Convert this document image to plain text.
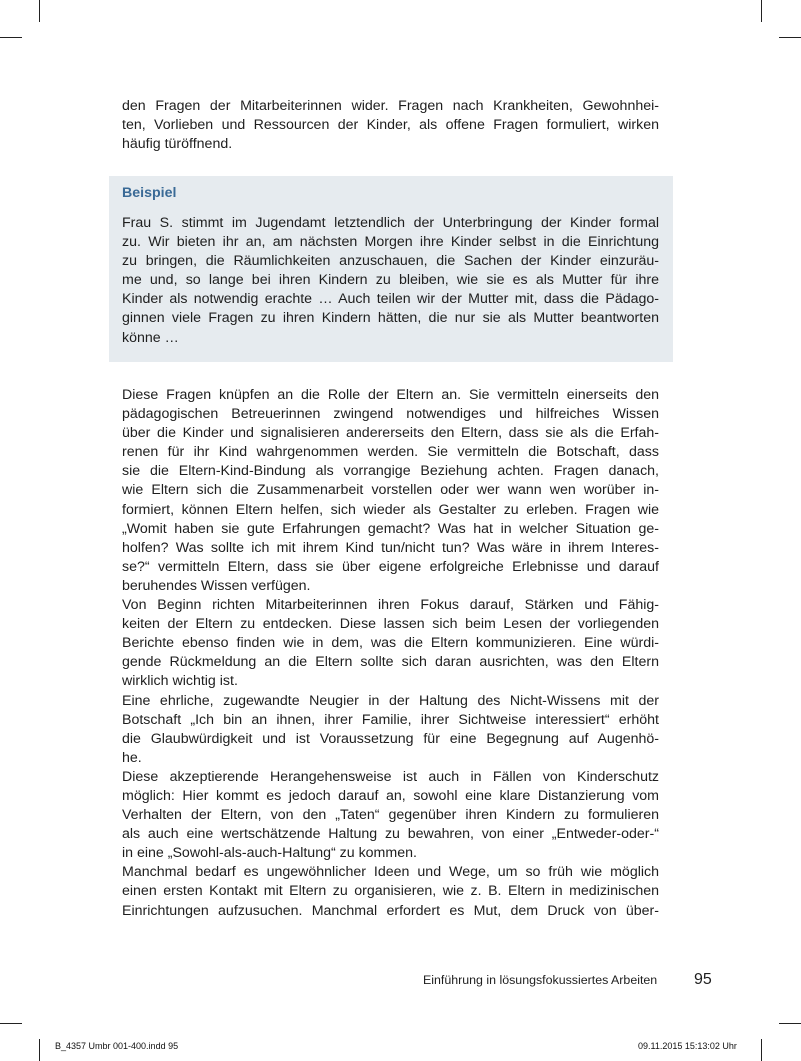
den Fragen der Mitarbeiterinnen wider. Fragen nach Krankheiten, Gewohnhei-
ten, Vorlieben und Ressourcen der Kinder, als offene Fragen formuliert, wirken
häufig türöffnend.
Beispiel
Frau S. stimmt im Jugendamt letztendlich der Unterbringung der Kinder formal
zu. Wir bieten ihr an, am nächsten Morgen ihre Kinder selbst in die Einrichtung
zu bringen, die Räumlichkeiten anzuschauen, die Sachen der Kinder einzuräu-
me und, so lange bei ihren Kindern zu bleiben, wie sie es als Mutter für ihre
Kinder als notwendig erachte … Auch teilen wir der Mutter mit, dass die Pädago-
ginnen viele Fragen zu ihren Kindern hätten, die nur sie als Mutter beantworten
könne …
Diese Fragen knüpfen an die Rolle der Eltern an. Sie vermitteln einerseits den
pädagogischen Betreuerinnen zwingend notwendiges und hilfreiches Wissen
über die Kinder und signalisieren andererseits den Eltern, dass sie als die Erfah-
renen für ihr Kind wahrgenommen werden. Sie vermitteln die Botschaft, dass
sie die Eltern-Kind-Bindung als vorrangige Beziehung achten. Fragen danach,
wie Eltern sich die Zusammenarbeit vorstellen oder wer wann wen worüber in-
formiert, können Eltern helfen, sich wieder als Gestalter zu erleben. Fragen wie
„Womit haben sie gute Erfahrungen gemacht? Was hat in welcher Situation ge-
holfen? Was sollte ich mit ihrem Kind tun/nicht tun? Was wäre in ihrem Interes-
se?“ vermitteln Eltern, dass sie über eigene erfolgreiche Erlebnisse und darauf
beruhendes Wissen verfügen.
Von Beginn richten Mitarbeiterinnen ihren Fokus darauf, Stärken und Fähig-
keiten der Eltern zu entdecken. Diese lassen sich beim Lesen der vorliegenden
Berichte ebenso finden wie in dem, was die Eltern kommunizieren. Eine würdi-
gende Rückmeldung an die Eltern sollte sich daran ausrichten, was den Eltern
wirklich wichtig ist.
Eine ehrliche, zugewandte Neugier in der Haltung des Nicht-Wissens mit der
Botschaft „Ich bin an ihnen, ihrer Familie, ihrer Sichtweise interessiert“ erhöht
die Glaubwürdigkeit und ist Voraussetzung für eine Begegnung auf Augenhö-
he.
Diese akzeptierende Herangehensweise ist auch in Fällen von Kinderschutz
möglich: Hier kommt es jedoch darauf an, sowohl eine klare Distanzierung vom
Verhalten der Eltern, von den „Taten“ gegenüber ihren Kindern zu formulieren
als auch eine wertschätzende Haltung zu bewahren, von einer „Entweder-oder-“
in eine „Sowohl-als-auch-Haltung“ zu kommen.
Manchmal bedarf es ungewöhnlicher Ideen und Wege, um so früh wie möglich
einen ersten Kontakt mit Eltern zu organisieren, wie z. B. Eltern in medizinischen
Einrichtungen aufzusuchen. Manchmal erfordert es Mut, dem Druck von über-
Einführung in lösungsfokussiertes Arbeiten 95
B_4357 Umbr 001-400.indd 95	09.11.2015 15:13:02 Uhr
